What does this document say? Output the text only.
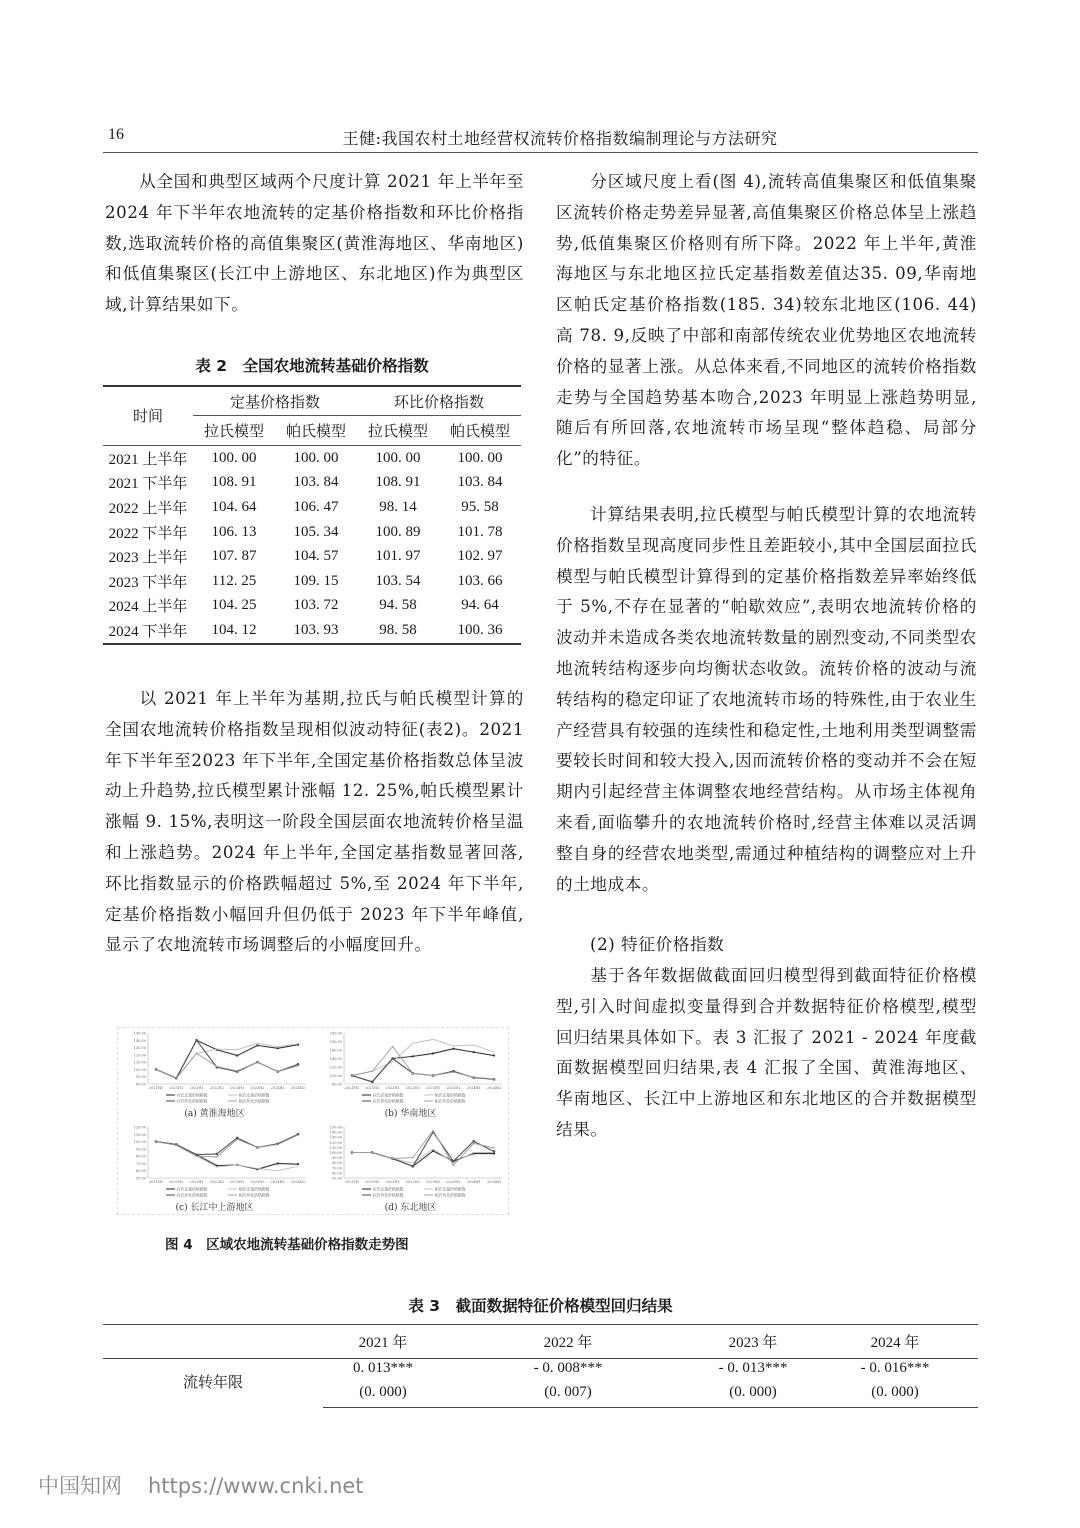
16	王健:我国农村土地经营权流转价格指数编制理论与方法研究
从全国和典型区域两个尺度计算 2021 年上半年至 2024 年下半年农地流转的定基价格指数和环比价格指数,选取流转价格的高值集聚区(黄淮海地区、华南地区)和低值集聚区(长江中上游地区、东北地区)作为典型区域,计算结果如下。
表 2　全国农地流转基础价格指数
时间	定基价格指数		环比价格指数	
	拉氏模型	帕氏模型	拉氏模型	帕氏模型

2021 上半年	100. 00	100. 00	100. 00	100. 00
2021 下半年	108. 91	103. 84	108. 91	103. 84
2022 上半年	104. 64	106. 47	98. 14	95. 58
2022 下半年	106. 13	105. 34	100. 89	101. 78
2023 上半年	107. 87	104. 57	101. 97	102. 97
2023 下半年	112. 25	109. 15	103. 54	103. 66
2024 上半年	104. 25	103. 72	94. 58	94. 64
2024 下半年	104. 12	103. 93	98. 58	100. 36
以 2021 年上半年为基期,拉氏与帕氏模型计算的全国农地流转价格指数呈现相似波动特征(表2)。2021 年下半年至2023 年下半年,全国定基价格指数总体呈波动上升趋势,拉氏模型累计涨幅 12. 25%,帕氏模型累计涨幅 9. 15%,表明这一阶段全国层面农地流转价格呈温和上涨趋势。2024 年上半年,全国定基指数显著回落,环比指数显示的价格跌幅超过 5%,至 2024 年下半年,定基价格指数小幅回升但仍低于 2023 年下半年峰值,显示了农地流转市场调整后的小幅度回升。
80.00
90.00
100.00
110.00
120.00
130.00
140.00
150.00
2021H1 2021H2 2022H1 2022H2 2023H1 2023H2 2024H1 2024H2
拉氏定基价格指数	帕氏定基价格指数
拉氏环比价格指数	帕氏环比价格指数
(a) 黄淮海地区
80.00
100.00
120.00
140.00
160.00
180.00
200.00
2021H1 2021H2 2022H1 2022H2 2023H1 2023H2 2024H1 2024H2
拉氏定基价格指数	帕氏定基价格指数
拉氏环比价格指数	帕氏环比价格指数
(b) 华南地区
50.00
60.00
70.00
80.00
90.00
100.00
110.00
120.00
2021H1 2021H2 2022H1 2022H2 2023H1 2023H2 2024H1 2024H2
拉氏定基价格指数	帕氏定基价格指数
拉氏环比价格指数	帕氏环比价格指数
(c) 长江中上游地区
50.00
60.00
70.00
80.00
90.00
100.00
110.00
120.00
130.00
140.00
150.00
2021H1 2021H2 2022H1 2022H2 2023H1 2023H2 2024H1 2024H2
拉氏定基价格指数	帕氏定基价格指数
拉氏环比价格指数	帕氏环比价格指数
(d) 东北地区
图 4　区域农地流转基础价格指数走势图
分区域尺度上看(图 4),流转高值集聚区和低值集聚区流转价格走势差异显著,高值集聚区价格总体呈上涨趋势,低值集聚区价格则有所下降。2022 年上半年,黄淮海地区与东北地区拉氏定基指数差值达35. 09,华南地区帕氏定基价格指数(185. 34)较东北地区(106. 44)高 78. 9,反映了中部和南部传统农业优势地区农地流转价格的显著上涨。从总体来看,不同地区的流转价格指数走势与全国趋势基本吻合,2023 年明显上涨趋势明显,随后有所回落,农地流转市场呈现“整体趋稳、局部分化”的特征。
计算结果表明,拉氏模型与帕氏模型计算的农地流转价格指数呈现高度同步性且差距较小,其中全国层面拉氏模型与帕氏模型计算得到的定基价格指数差异率始终低于 5%,不存在显著的“帕歇效应”,表明农地流转价格的波动并未造成各类农地流转数量的剧烈变动,不同类型农地流转结构逐步向均衡状态收敛。流转价格的波动与流转结构的稳定印证了农地流转市场的特殊性,由于农业生产经营具有较强的连续性和稳定性,土地利用类型调整需要较长时间和较大投入,因而流转价格的变动并不会在短期内引起经营主体调整农地经营结构。从市场主体视角来看,面临攀升的农地流转价格时,经营主体难以灵活调整自身的经营农地类型,需通过种植结构的调整应对上升的土地成本。
(2) 特征价格指数
基于各年数据做截面回归模型得到截面特征价格模型,引入时间虚拟变量得到合并数据特征价格模型,模型回归结果具体如下。表 3 汇报了 2021 - 2024 年度截面数据模型回归结果,表 4 汇报了全国、黄淮海地区、华南地区、长江中上游地区和东北地区的合并数据模型结果。
表 3　截面数据特征价格模型回归结果
2021 年	2022 年	2023 年	2024 年
流转年限
0. 013***	- 0. 008***	- 0. 013***	- 0. 016***
(0. 000)	(0. 007)	(0. 000)	(0. 000)
中国知网 https://www.cnki.net
